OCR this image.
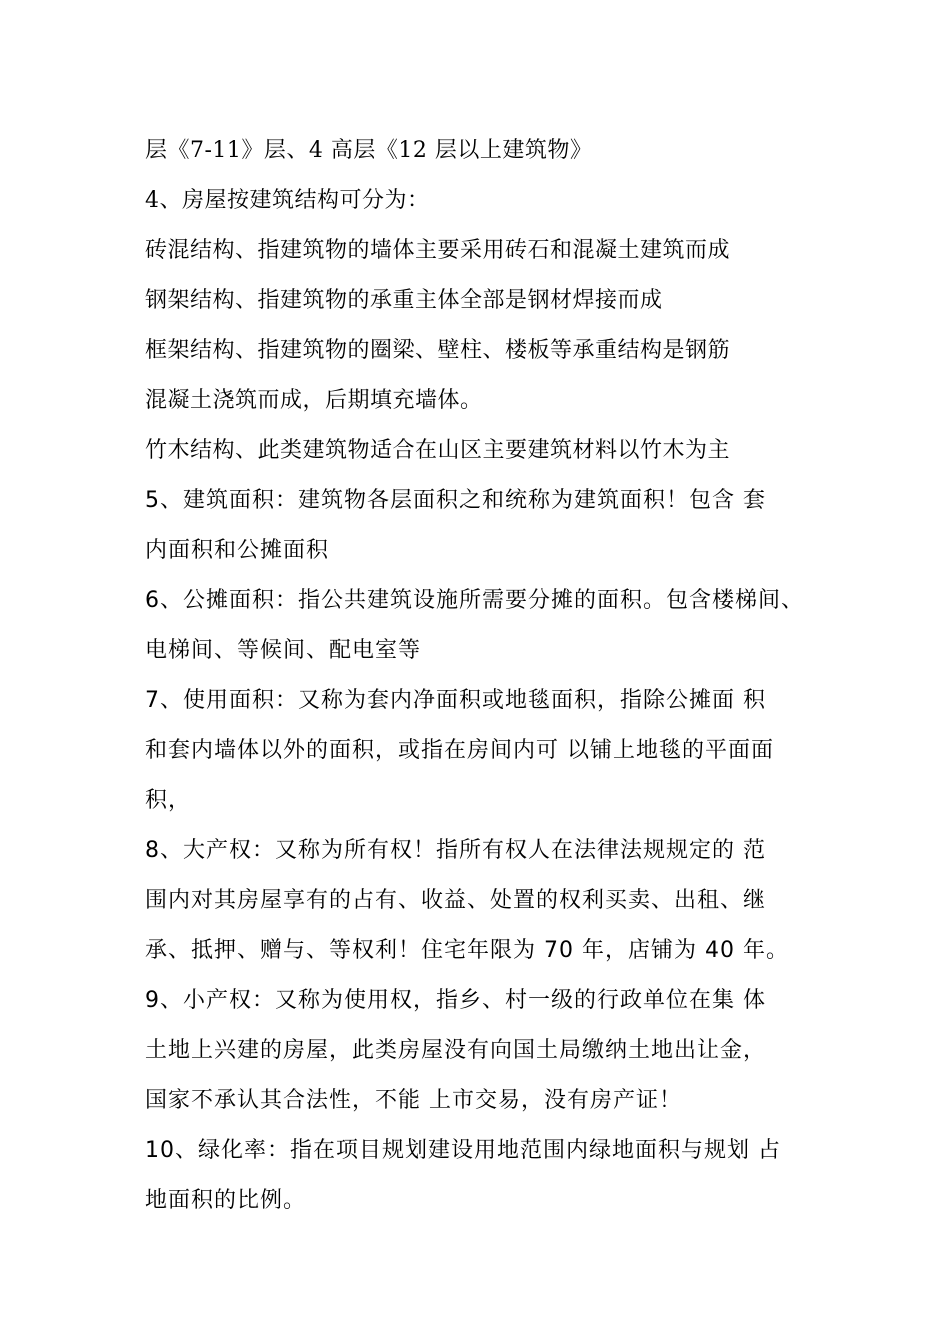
层《7-11》层、4 高层《12 层以上建筑物》
4、房屋按建筑结构可分为：
砖混结构、指建筑物的墙体主要采用砖石和混凝土建筑而成
钢架结构、指建筑物的承重主体全部是钢材焊接而成
框架结构、指建筑物的圈梁、壁柱、楼板等承重结构是钢筋
混凝土浇筑而成，后期填充墙体。
竹木结构、此类建筑物适合在山区主要建筑材料以竹木为主
5、建筑面积：建筑物各层面积之和统称为建筑面积！包含 套
内面积和公摊面积
6、公摊面积：指公共建筑设施所需要分摊的面积。包含楼梯间、
电梯间、等候间、配电室等
7、使用面积：又称为套内净面积或地毯面积，指除公摊面 积
和套内墙体以外的面积，或指在房间内可 以铺上地毯的平面面
积，
8、大产权：又称为所有权！指所有权人在法律法规规定的 范
围内对其房屋享有的占有、收益、处置的权利买卖、出租、继
承、抵押、赠与、等权利！住宅年限为 70 年，店铺为 40 年。
9、小产权：又称为使用权，指乡、村一级的行政单位在集 体
土地上兴建的房屋，此类房屋没有向国土局缴纳土地出让金，
国家不承认其合法性，不能 上市交易，没有房产证！
10、绿化率：指在项目规划建设用地范围内绿地面积与规划 占
地面积的比例。
